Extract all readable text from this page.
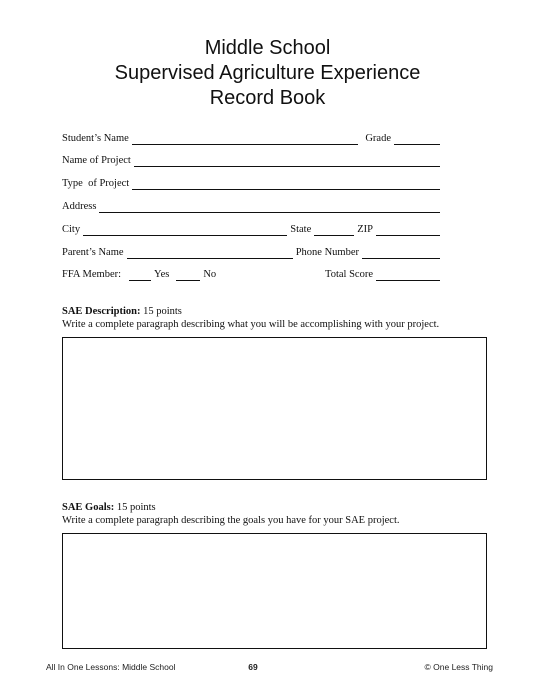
Middle School
Supervised Agriculture Experience
Record Book
Student’s Name	Grade
Name of Project
Type  of Project
Address
City	State	ZIP
Parent’s Name	Phone Number
FFA Member:	Yes	No	Total Score
SAE Description: 15 points
Write a complete paragraph describing what you will be accomplishing with your project.
SAE Goals: 15 points
Write a complete paragraph describing the goals you have for your SAE project.
All In One Lessons: Middle School	69	© One Less Thing
